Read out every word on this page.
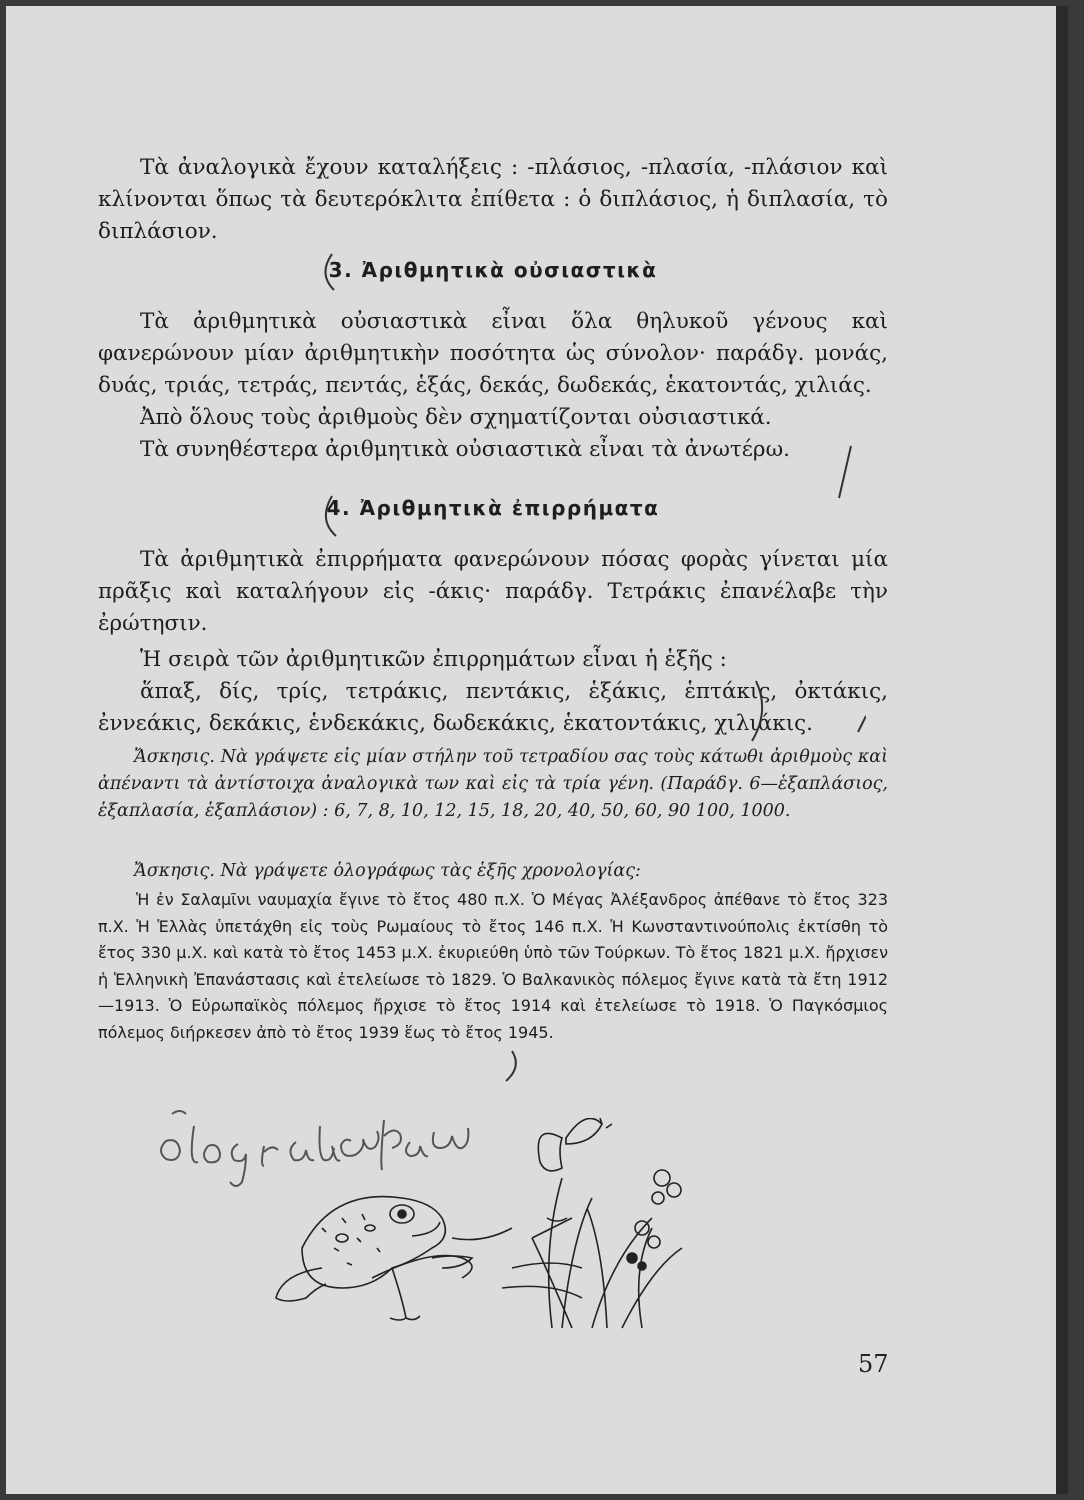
Τὰ ἀναλογικὰ ἔχουν καταλήξεις : -πλάσιος, -πλασία, -πλάσιον καὶ κλίνονται ὅπως τὰ δευτερόκλιτα ἐπίθετα : ὁ διπλάσιος, ἡ διπλασία, τὸ διπλάσιον.

3. Ἀριθμητικὰ οὐσιαστικὰ

Τὰ ἀριθμητικὰ οὐσιαστικὰ εἶναι ὅλα θηλυκοῦ γένους καὶ φανερώνουν μίαν ἀριθμητικὴν ποσότητα ὡς σύνολον· παράδγ. μονάς, δυάς, τριάς, τετράς, πεντάς, ἑξάς, δεκάς, δωδεκάς, ἑκατοντάς, χιλιάς.

Ἀπὸ ὅλους τοὺς ἀριθμοὺς δὲν σχηματίζονται οὐσιαστικά.

Τὰ συνηθέστερα ἀριθμητικὰ οὐσιαστικὰ εἶναι τὰ ἀνωτέρω.

4. Ἀριθμητικὰ ἐπιρρήματα

Τὰ ἀριθμητικὰ ἐπιρρήματα φανερώνουν πόσας φορὰς γίνεται μία πρᾶξις καὶ καταλήγουν εἰς -άκις· παράδγ. Τετράκις ἐπανέλαβε τὴν ἐρώτησιν.

Ἡ σειρὰ τῶν ἀριθμητικῶν ἐπιρρημάτων εἶναι ἡ ἑξῆς :

ἅπαξ, δίς, τρίς, τετράκις, πεντάκις, ἑξάκις, ἑπτάκις, ὀκτάκις, ἐννεάκις, δεκάκις, ἑνδεκάκις, δωδεκάκις, ἑκατοντάκις, χιλιάκις.

Ἄσκησις. Νὰ γράψετε εἰς μίαν στήλην τοῦ τετραδίου σας τοὺς κάτωθι ἀριθμοὺς καὶ ἀπέναντι τὰ ἀντίστοιχα ἀναλογικὰ των καὶ εἰς τὰ τρία γένη. (Παράδγ. 6—ἑξαπλάσιος, ἑξαπλασία, ἑξαπλάσιον) : 6, 7, 8, 10, 12, 15, 18, 20, 40, 50, 60, 90 100, 1000.

Ἄσκησις. Νὰ γράψετε ὁλογράφως τὰς ἑξῆς χρονολογίας:

Ἡ ἐν Σαλαμῖνι ναυμαχία ἔγινε τὸ ἔτος 480 π.Χ. Ὁ Μέγας Ἀλέξανδρος ἀπέθανε τὸ ἔτος 323 π.Χ. Ἡ Ἑλλὰς ὑπετάχθη εἰς τοὺς Ρωμαίους τὸ ἔτος 146 π.Χ. Ἡ Κωνσταντινούπολις ἐκτίσθη τὸ ἔτος 330 μ.Χ. καὶ κατὰ τὸ ἔτος 1453 μ.Χ. ἐκυριεύθη ὑπὸ τῶν Τούρκων. Τὸ ἔτος 1821 μ.Χ. ἤρχισεν ἡ Ἑλληνικὴ Ἐπανάστασις καὶ ἐτελείωσε τὸ 1829. Ὁ Βαλκανικὸς πόλεμος ἔγινε κατὰ τὰ ἔτη 1912—1913. Ὁ Εὐρωπαϊκὸς πόλεμος ἤρχισε τὸ ἔτος 1914 καὶ ἐτελείωσε τὸ 1918. Ὁ Παγκόσμιος πόλεμος διήρκεσεν ἀπὸ τὸ ἔτος 1939 ἕως τὸ ἔτος 1945.

57
